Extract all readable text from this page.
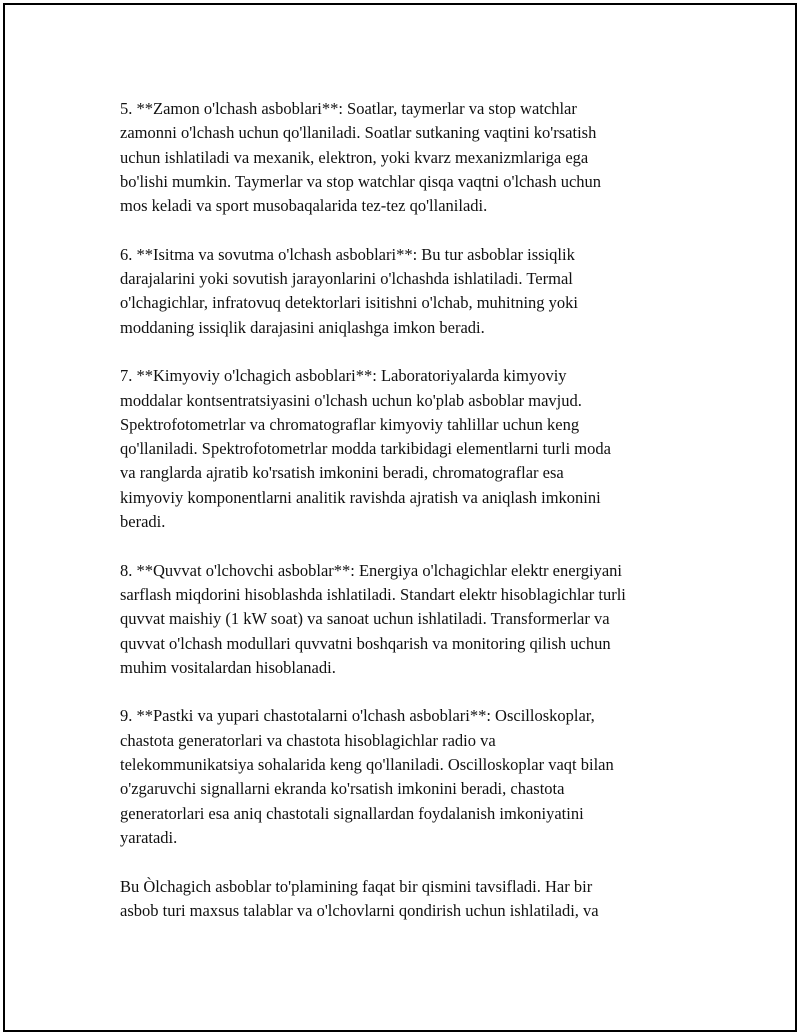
5. **Zamon o'lchash asboblari**: Soatlar, taymerlar va stop watchlar
zamonni o'lchash uchun qo'llaniladi. Soatlar sutkaning vaqtini ko'rsatish
uchun ishlatiladi va mexanik, elektron, yoki kvarz mexanizmlariga ega
bo'lishi mumkin. Taymerlar va stop watchlar qisqa vaqtni o'lchash uchun
mos keladi va sport musobaqalarida tez-tez qo'llaniladi.

6. **Isitma va sovutma o'lchash asboblari**: Bu tur asboblar issiqlik
darajalarini yoki sovutish jarayonlarini o'lchashda ishlatiladi. Termal
o'lchagichlar, infratovuq detektorlari isitishni o'lchab, muhitning yoki
moddaning issiqlik darajasini aniqlashga imkon beradi.

7. **Kimyoviy o'lchagich asboblari**: Laboratoriyalarda kimyoviy
moddalar kontsentratsiyasini o'lchash uchun ko'plab asboblar mavjud.
Spektrofotometrlar va chromatograflar kimyoviy tahlillar uchun keng
qo'llaniladi. Spektrofotometrlar modda tarkibidagi elementlarni turli moda
va ranglarda ajratib ko'rsatish imkonini beradi, chromatograflar esa
kimyoviy komponentlarni analitik ravishda ajratish va aniqlash imkonini
beradi.

8. **Quvvat o'lchovchi asboblar**: Energiya o'lchagichlar elektr energiyani
sarflash miqdorini hisoblashda ishlatiladi. Standart elektr hisoblagichlar turli
quvvat maishiy (1 kW soat) va sanoat uchun ishlatiladi. Transformerlar va
quvvat o'lchash modullari quvvatni boshqarish va monitoring qilish uchun
muhim vositalardan hisoblanadi.

9. **Pastki va yupari chastotalarni o'lchash asboblari**: Oscilloskoplar,
chastota generatorlari va chastota hisoblagichlar radio va
telekommunikatsiya sohalarida keng qo'llaniladi. Oscilloskoplar vaqt bilan
o'zgaruvchi signallarni ekranda ko'rsatish imkonini beradi, chastota
generatorlari esa aniq chastotali signallardan foydalanish imkoniyatini
yaratadi.

Bu Òlchagich asboblar to'plamining faqat bir qismini tavsifladi. Har bir
asbob turi maxsus talablar va o'lchovlarni qondirish uchun ishlatiladi, va
